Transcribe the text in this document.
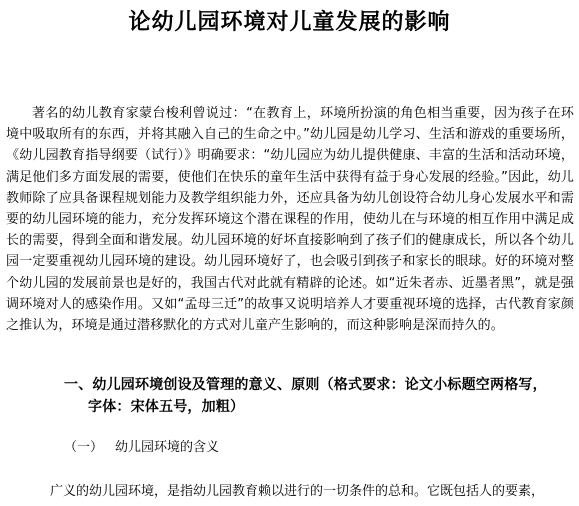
论幼儿园环境对儿童发展的影响

著名的幼儿教育家蒙台梭利曾说过：“在教育上，环境所扮演的角色相当重要，因为孩子在环境中吸取所有的东西，并将其融入自己的生命之中。”幼儿园是幼儿学习、生活和游戏的重要场所，《幼儿园教育指导纲要（试行）》明确要求：“幼儿园应为幼儿提供健康、丰富的生活和活动环境，满足他们多方面发展的需要，使他们在快乐的童年生活中获得有益于身心发展的经验。”因此，幼儿教师除了应具备课程规划能力及教学组织能力外，还应具备为幼儿创设符合幼儿身心发展水平和需要的幼儿园环境的能力，充分发挥环境这个潜在课程的作用，使幼儿在与环境的相互作用中满足成长的需要，得到全面和谐发展。幼儿园环境的好坏直接影响到了孩子们的健康成长，所以各个幼儿园一定要重视幼儿园环境的建设。幼儿园环境好了，也会吸引到孩子和家长的眼球。好的环境对整个幼儿园的发展前景也是好的，我国古代对此就有精辟的论述。如“近朱者赤、近墨者黑”，就是强调环境对人的感染作用。又如“孟母三迁”的故事又说明培养人才要重视环境的选择，古代教育家颜之推认为，环境是通过潜移默化的方式对儿童产生影响的，而这种影响是深而持久的。

一、幼儿园环境创设及管理的意义、原则（格式要求：论文小标题空两格写，
字体：宋体五号，加粗）
（一） 幼儿园环境的含义

广义的幼儿园环境，是指幼儿园教育赖以进行的一切条件的总和。它既包括人的要素，
